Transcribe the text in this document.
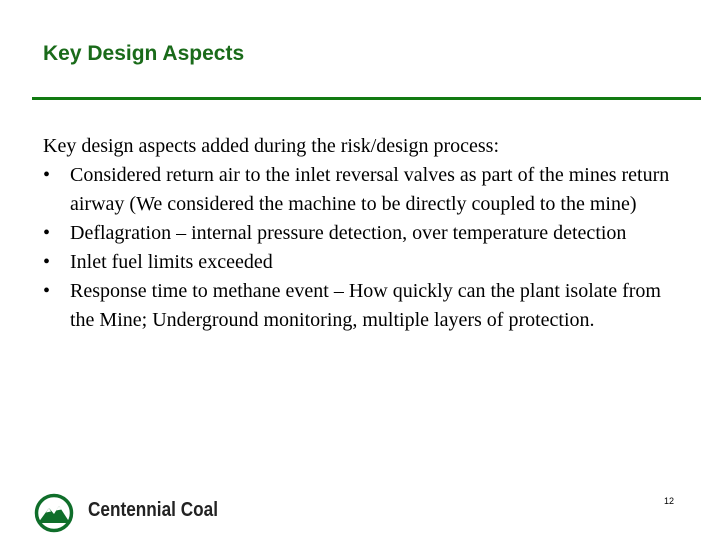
Key Design Aspects

Key design aspects added during the risk/design process:

• Considered return air to the inlet reversal valves as part of the mines return airway (We considered the machine to be directly coupled to the mine)
• Deflagration – internal pressure detection, over temperature detection
• Inlet fuel limits exceeded
• Response time to methane event – How quickly can the plant isolate from the Mine; Underground monitoring, multiple layers of protection.
Centennial Coal	12
